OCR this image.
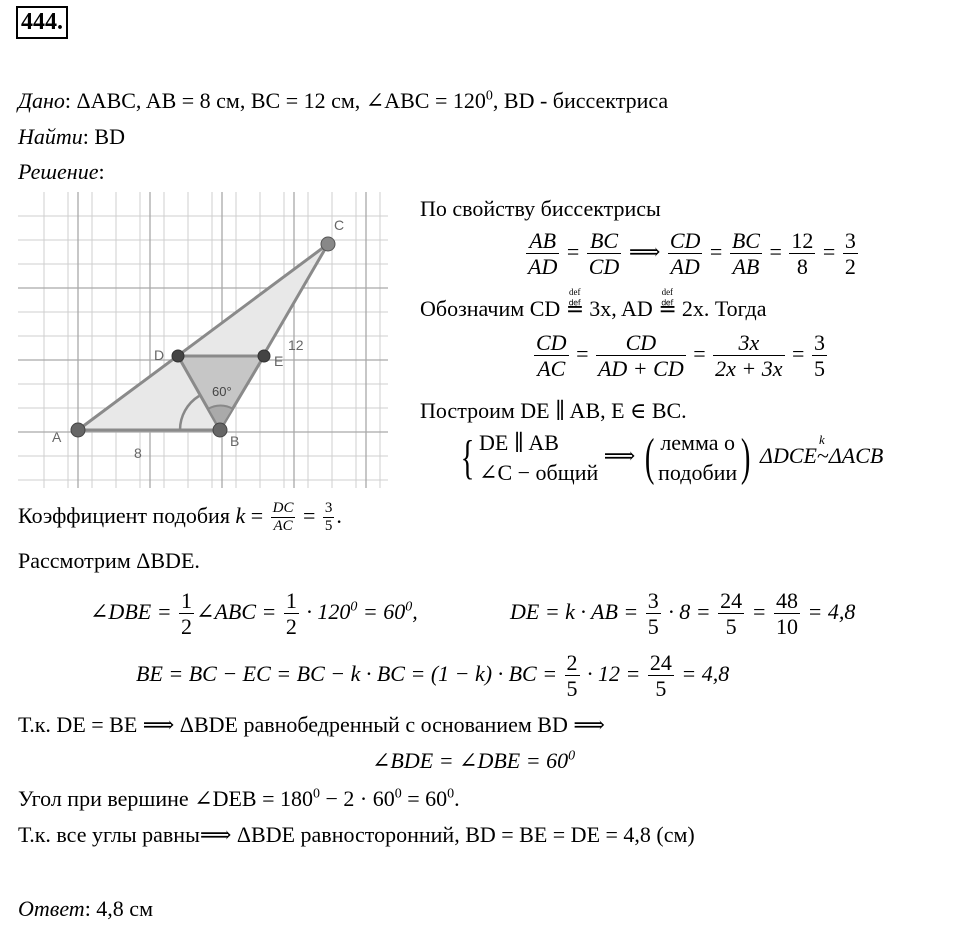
444.
Дано: ΔABC, AB = 8 см, BC = 12 см, ∠ABC = $120^0$, BD - биссектриса
Найти: BD
Решение:
A	B
C
D	E
8
12
60°
По свойству биссектрисы
$\frac{AB}{AD} = \frac{BC}{CD}$ ⟹ $\frac{CD}{AD} = \frac{BC}{AB} = \frac{12}{8} = \frac{3}{2}$
Обозначим CD
def
≝ 3x, AD
def
≝ 2x. Тогда
$\frac{CD}{AC} = \frac{CD}{AD + CD} = \frac{3x}{2x + 3x} = \frac{3}{5}$
Построим DE ∥ AB, E ∈ BC.
{ DE ∥ AB
∠C − общий
⟹ ( лемма о
подобии ) ΔDCE
k
~ΔACB
Коэффициент подобия $k = \frac{DC}{AC} = \frac{3}{5}$ .
Рассмотрим ΔBDE.
∠DBE = $\frac{1}{2}$ ∠ABC = $\frac{1}{2} \cdot 120^0 = 60^0$,	DE = k · AB = $\frac{3}{5} \cdot 8 = \frac{24}{5} = \frac{48}{10} = 4,8$
BE = BC − EC = BC − k · BC = (1 − k) · BC = $\frac{2}{5} \cdot 12 = \frac{24}{5} = 4,8$
Т.к. DE = BE ⟹ ΔBDE равнобедренный с основанием BD ⟹
∠BDE = ∠DBE = $60^0$
Угол при вершине ∠DEB = $180^0 - 2 \cdot 60^0 = 60^0$.
Т.к. все углы равны⟹ ΔBDE равносторонний, BD = BE = DE = 4,8 (см)
Ответ: 4,8 см
